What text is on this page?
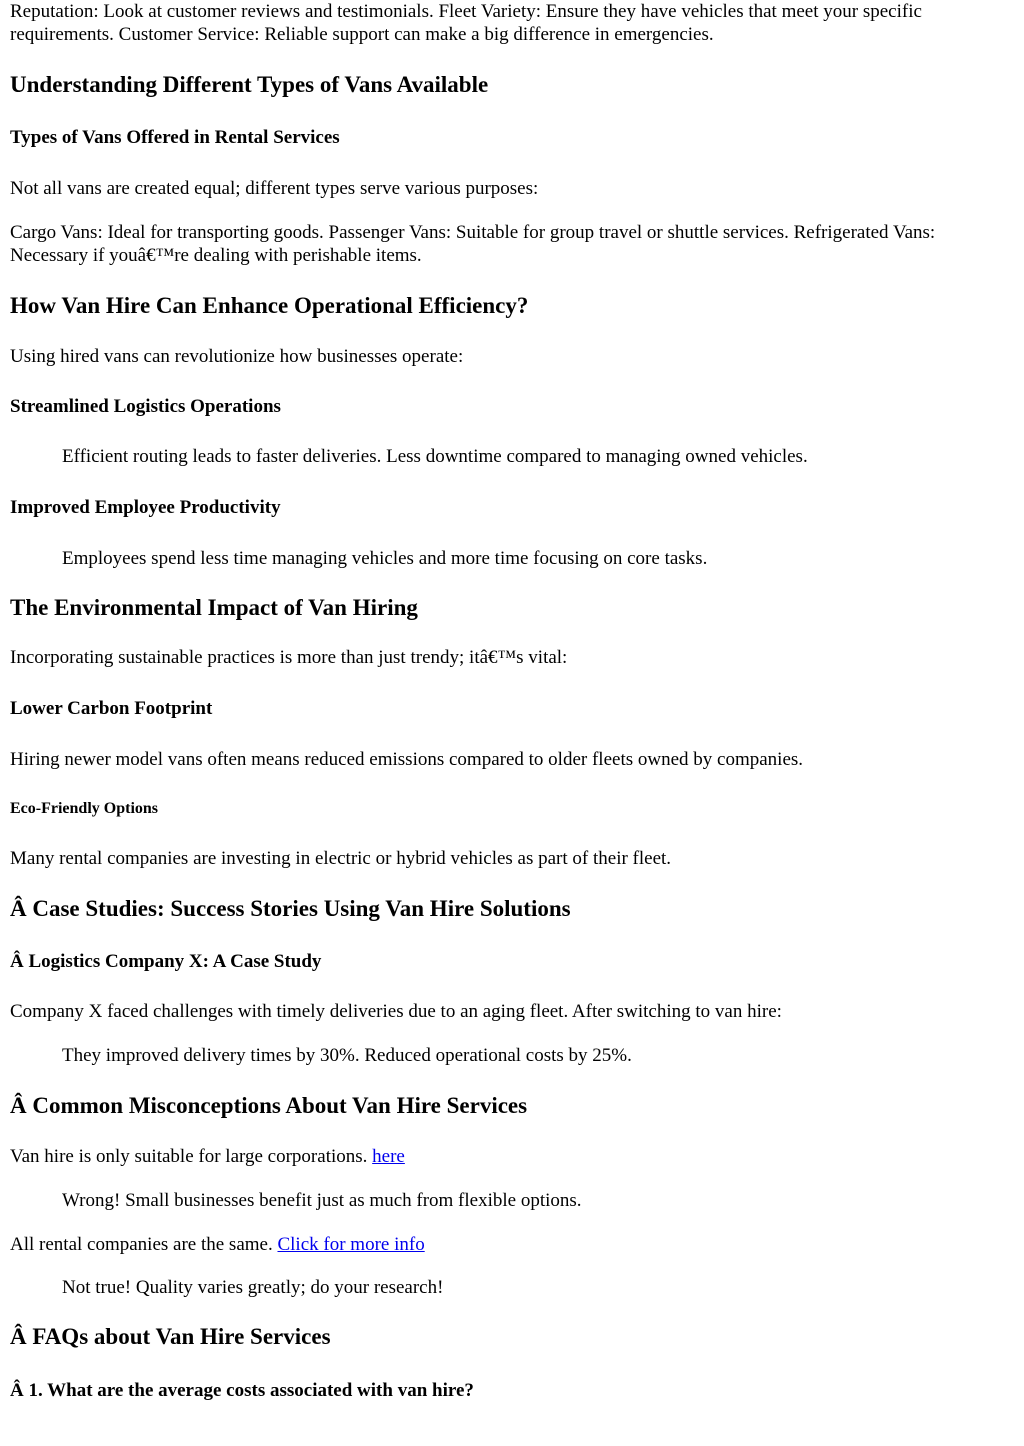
Reputation: Look at customer reviews and testimonials. Fleet Variety: Ensure they have vehicles that meet your specific requirements. Customer Service: Reliable support can make a big difference in emergencies.

Understanding Different Types of Vans Available
Types of Vans Offered in Rental Services

Not all vans are created equal; different types serve various purposes:

Cargo Vans: Ideal for transporting goods. Passenger Vans: Suitable for group travel or shuttle services. Refrigerated Vans: Necessary if youâ€™re dealing with perishable items.

How Van Hire Can Enhance Operational Efficiency?

Using hired vans can revolutionize how businesses operate:

Streamlined Logistics Operations

Efficient routing leads to faster deliveries. Less downtime compared to managing owned vehicles.

Improved Employee Productivity

Employees spend less time managing vehicles and more time focusing on core tasks.

The Environmental Impact of Van Hiring

Incorporating sustainable practices is more than just trendy; itâ€™s vital:

Lower Carbon Footprint

Hiring newer model vans often means reduced emissions compared to older fleets owned by companies.

Eco-Friendly Options

Many rental companies are investing in electric or hybrid vehicles as part of their fleet.

Â Case Studies: Success Stories Using Van Hire Solutions
Â Logistics Company X: A Case Study

Company X faced challenges with timely deliveries due to an aging fleet. After switching to van hire:

They improved delivery times by 30%. Reduced operational costs by 25%.

Â Common Misconceptions About Van Hire Services

Van hire is only suitable for large corporations. here

Wrong! Small businesses benefit just as much from flexible options.

All rental companies are the same. Click for more info

Not true! Quality varies greatly; do your research!

Â FAQs about Van Hire Services
Â 1. What are the average costs associated with van hire?
